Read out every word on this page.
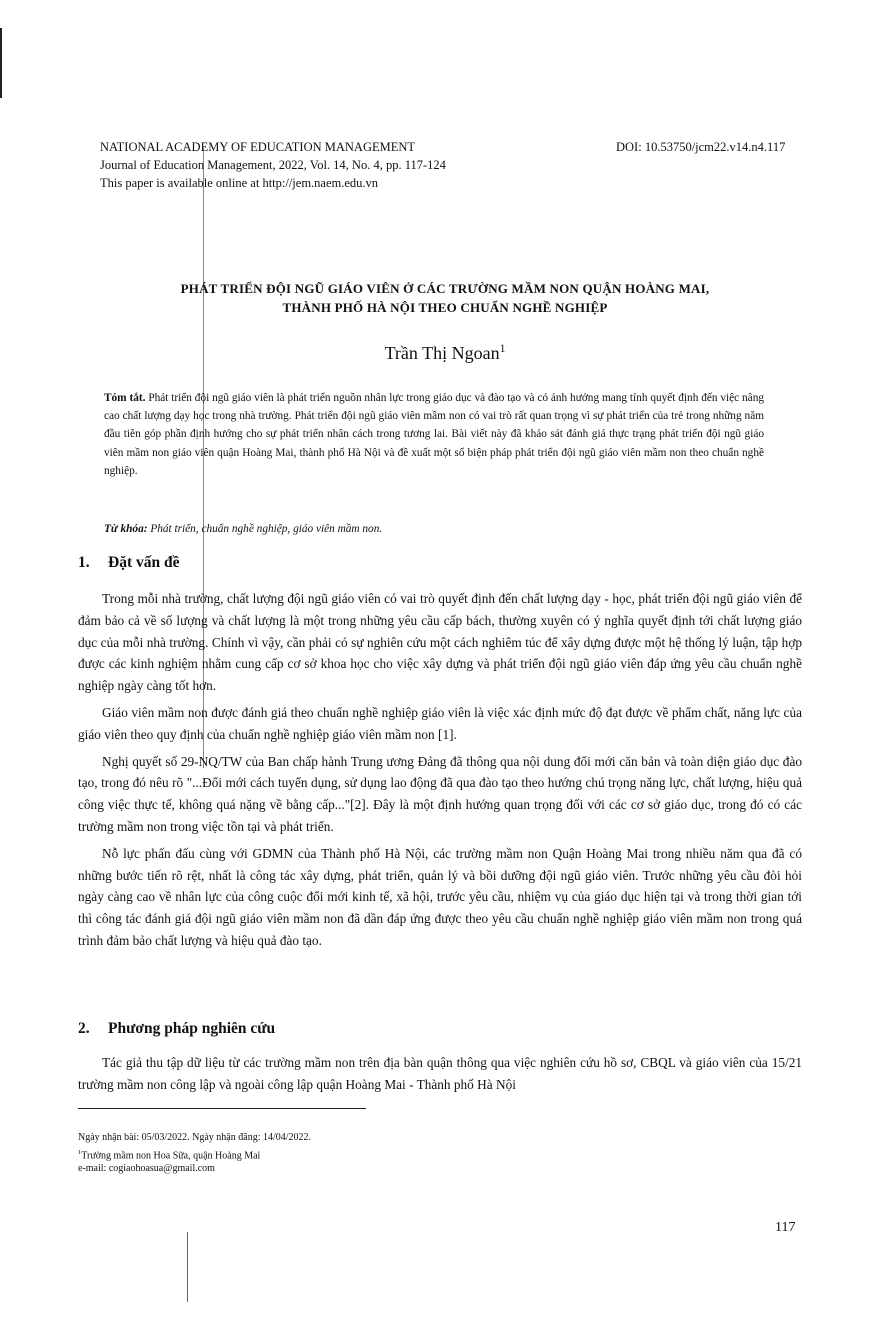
NATIONAL ACADEMY OF EDUCATION MANAGEMENT	DOI: 10.53750/jcm22.v14.n4.117
Journal of Education Management, 2022, Vol. 14, No. 4, pp. 117-124
This paper is available online at http://jem.naem.edu.vn
PHÁT TRIỂN ĐỘI NGŨ GIÁO VIÊN Ở CÁC TRƯỜNG MẦM NON QUẬN HOÀNG MAI,
THÀNH PHỐ HÀ NỘI THEO CHUẨN NGHỀ NGHIỆP
Trần Thị Ngoan$^1$
Tóm tắt. Phát triển đội ngũ giáo viên là phát triển nguồn nhân lực trong giáo dục và đào tạo và có ảnh hưởng mang tính quyết định đến việc nâng cao chất lượng dạy học trong nhà trường. Phát triển đội ngũ giáo viên mầm non có vai trò rất quan trọng vì sự phát triển của trẻ trong những năm đầu tiên góp phần định hướng cho sự phát triển nhân cách trong tương lai. Bài viết này đã khảo sát đánh giá thực trạng phát triển đội ngũ giáo viên mầm non giáo viên quận Hoàng Mai, thành phố Hà Nội và đề xuất một số biện pháp phát triển đội ngũ giáo viên mầm non theo chuẩn nghề nghiệp.
Từ khóa: Phát triển, chuẩn nghề nghiệp, giáo viên mầm non.
1. Đặt vấn đề

Trong mỗi nhà trường, chất lượng đội ngũ giáo viên có vai trò quyết định đến chất lượng dạy - học, phát triển đội ngũ giáo viên để đảm bảo cả về số lượng và chất lượng là một trong những yêu cầu cấp bách, thường xuyên có ý nghĩa quyết định tới chất lượng giáo dục của mỗi nhà trường. Chính vì vậy, cần phải có sự nghiên cứu một cách nghiêm túc để xây dựng được một hệ thống lý luận, tập hợp được các kinh nghiệm nhằm cung cấp cơ sở khoa học cho việc xây dựng và phát triển đội ngũ giáo viên đáp ứng yêu cầu chuẩn nghề nghiệp ngày càng tốt hơn.

Giáo viên mầm non được đánh giá theo chuẩn nghề nghiệp giáo viên là việc xác định mức độ đạt được về phẩm chất, năng lực của giáo viên theo quy định của chuẩn nghề nghiệp giáo viên mầm non [1].

Nghị quyết số 29-NQ/TW của Ban chấp hành Trung ương Đảng đã thông qua nội dung đổi mới căn bản và toàn diện giáo dục đào tạo, trong đó nêu rõ "...Đổi mới cách tuyển dụng, sử dụng lao động đã qua đào tạo theo hướng chú trọng năng lực, chất lượng, hiệu quả công việc thực tế, không quá nặng về bằng cấp..."[2]. Đây là một định hướng quan trọng đối với các cơ sở giáo dục, trong đó có các trường mầm non trong việc tồn tại và phát triển.

Nỗ lực phấn đấu cùng với GDMN của Thành phố Hà Nội, các trường mầm non Quận Hoàng Mai trong nhiều năm qua đã có những bước tiến rõ rệt, nhất là công tác xây dựng, phát triển, quản lý và bồi dưỡng đội ngũ giáo viên. Trước những yêu cầu đòi hỏi ngày càng cao về nhân lực của công cuộc đổi mới kinh tế, xã hội, trước yêu cầu, nhiệm vụ của giáo dục hiện tại và trong thời gian tới thì công tác đánh giá đội ngũ giáo viên mầm non đã dần đáp ứng được theo yêu cầu chuẩn nghề nghiệp giáo viên mầm non trong quá trình đảm bảo chất lượng và hiệu quả đào tạo.

2. Phương pháp nghiên cứu

Tác giả thu tập dữ liệu từ các trường mầm non trên địa bàn quận thông qua việc nghiên cứu hồ sơ, CBQL và giáo viên của 15/21 trường mầm non công lập và ngoài công lập quận Hoàng Mai - Thành phố Hà Nội

Ngày nhận bài: 05/03/2022. Ngày nhận đăng: 14/04/2022.
$^1$Trường mầm non Hoa Sữa, quận Hoàng Mai
e-mail: cogiaohoasua@gmail.com
117
